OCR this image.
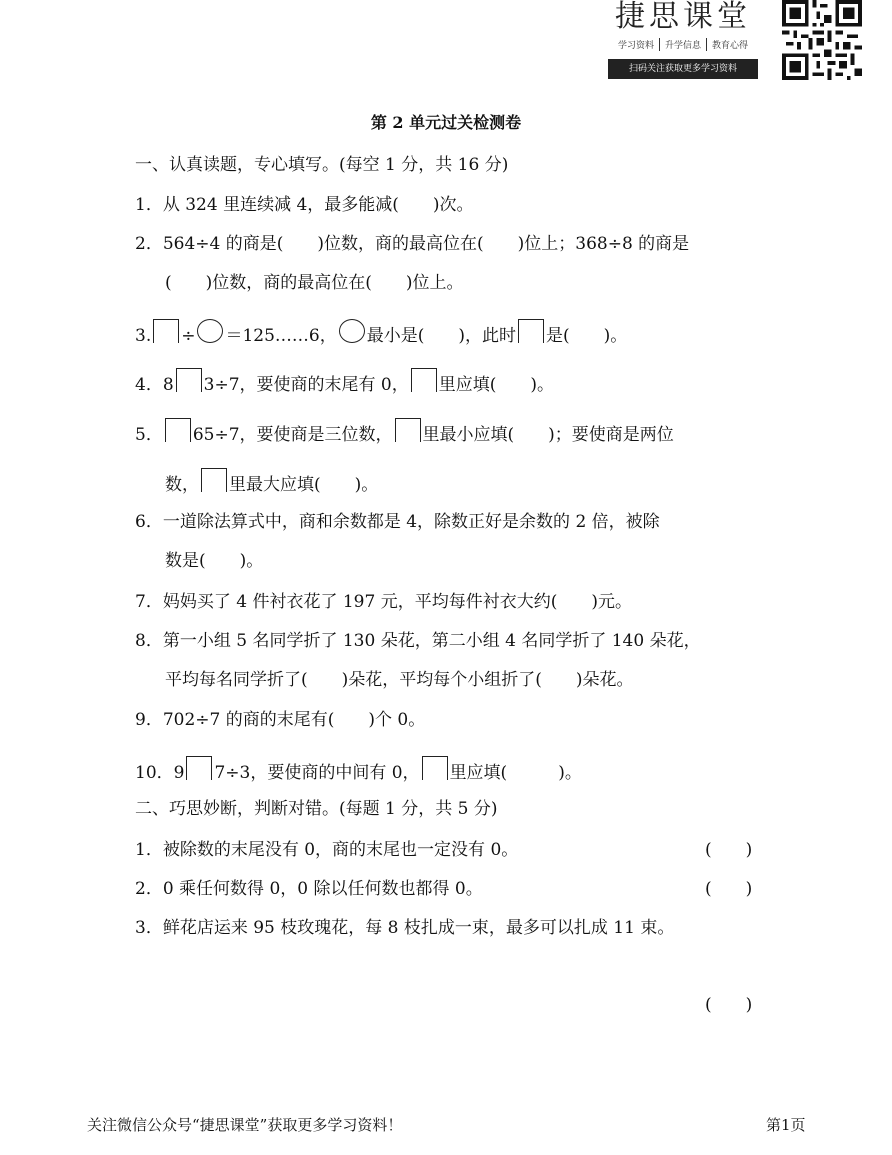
捷思课堂
学习资料	升学信息	教育心得
扫码关注获取更多学习资料
第 2 单元过关检测卷
一、认真读题，专心填写。(每空 1 分，共 16 分)
1．从 324 里连续减 4，最多能减(　　)次。
2．564÷4 的商是(　　)位数，商的最高位在(　　)位上；368÷8 的商是
(　　)位数，商的最高位在(　　)位上。
3. ÷ ＝125……6， 最小是(　　)，此时 是(　　)。
4．8 3÷7，要使商的末尾有 0， 里应填(　　)。
5． 65÷7，要使商是三位数， 里最小应填(　　)；要使商是两位
数， 里最大应填(　　)。
6．一道除法算式中，商和余数都是 4，除数正好是余数的 2 倍，被除
数是(　　)。
7．妈妈买了 4 件衬衣花了 197 元，平均每件衬衣大约(　　)元。
8．第一小组 5 名同学折了 130 朵花，第二小组 4 名同学折了 140 朵花，
平均每名同学折了(　　)朵花，平均每个小组折了(　　)朵花。
9．702÷7 的商的末尾有(　　)个 0。
10．9 7÷3，要使商的中间有 0， 里应填(　　　)。
二、巧思妙断，判断对错。(每题 1 分，共 5 分)
1．被除数的末尾没有 0，商的末尾也一定没有 0。	(　　)
2．0 乘任何数得 0，0 除以任何数也都得 0。	(　　)
3．鲜花店运来 95 枝玫瑰花，每 8 枝扎成一束，最多可以扎成 11 束。
(　　)
关注微信公众号“捷思课堂”获取更多学习资料！	第1页
